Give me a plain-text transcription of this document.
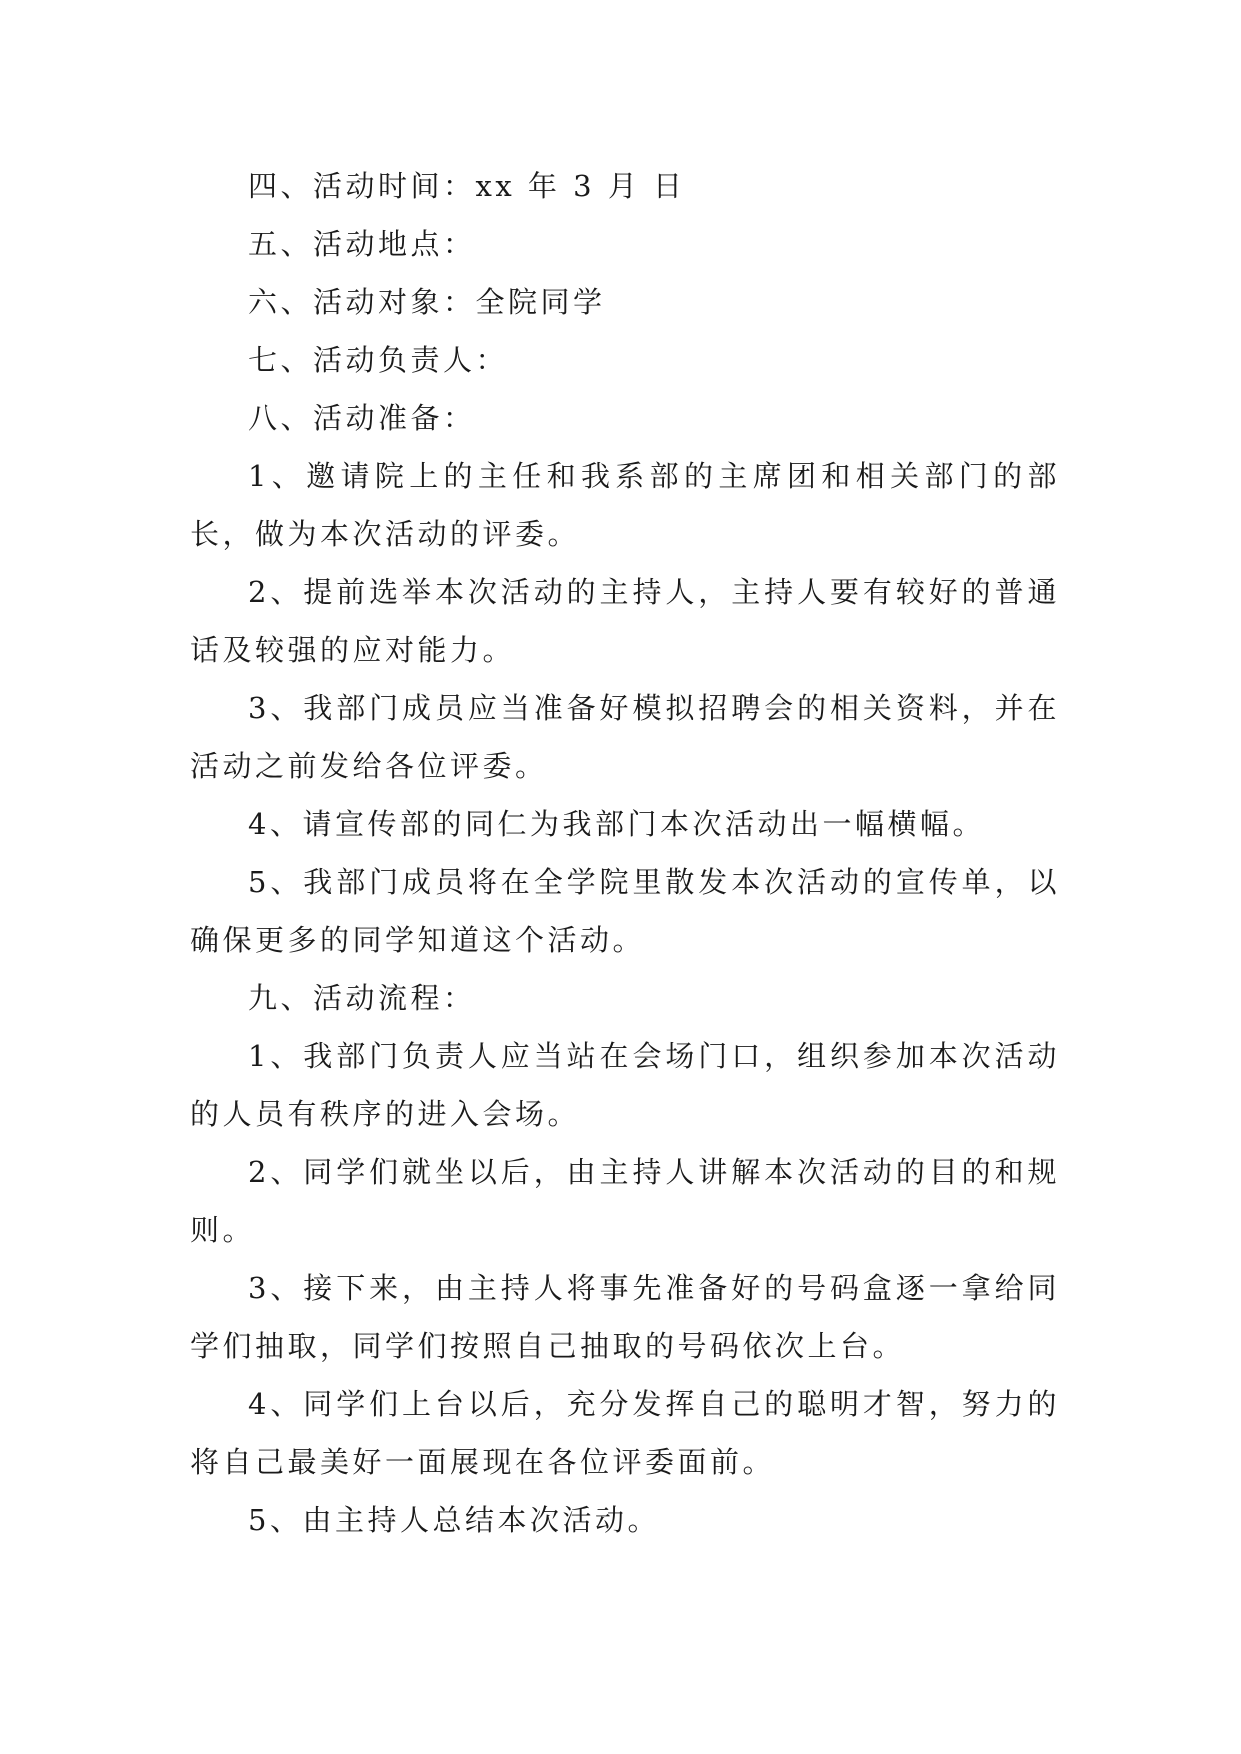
四、活动时间：xx 年 3 月 日

五、活动地点：

六、活动对象：全院同学

七、活动负责人：

八、活动准备：

1、邀请院上的主任和我系部的主席团和相关部门的部长，做为本次活动的评委。

2、提前选举本次活动的主持人，主持人要有较好的普通话及较强的应对能力。

3、我部门成员应当准备好模拟招聘会的相关资料，并在活动之前发给各位评委。

4、请宣传部的同仁为我部门本次活动出一幅横幅。

5、我部门成员将在全学院里散发本次活动的宣传单，以确保更多的同学知道这个活动。

九、活动流程：

1、我部门负责人应当站在会场门口，组织参加本次活动的人员有秩序的进入会场。

2、同学们就坐以后，由主持人讲解本次活动的目的和规则。

3、接下来，由主持人将事先准备好的号码盒逐一拿给同学们抽取，同学们按照自己抽取的号码依次上台。

4、同学们上台以后，充分发挥自己的聪明才智，努力的将自己最美好一面展现在各位评委面前。

5、由主持人总结本次活动。
